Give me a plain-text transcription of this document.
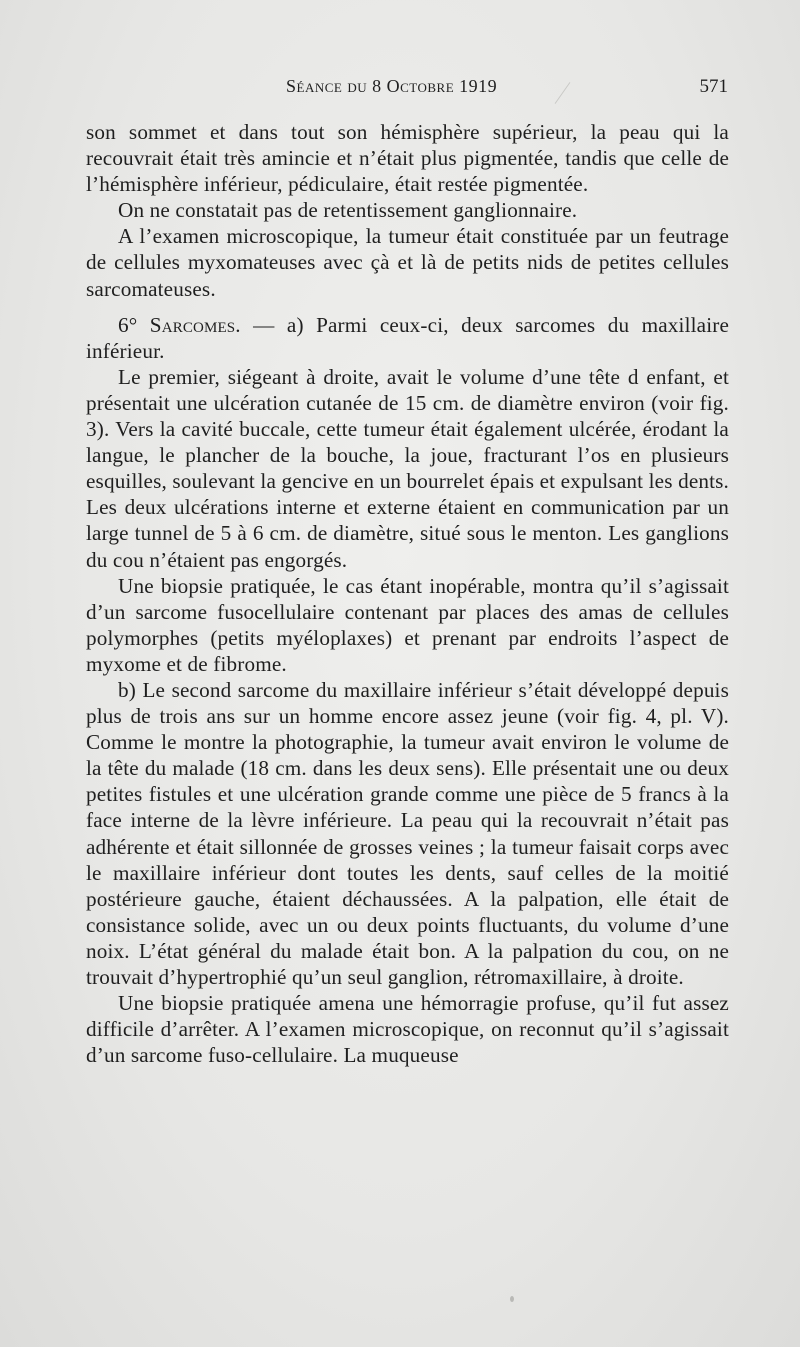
Séance du 8 Octobre 1919	571

son sommet et dans tout son hémisphère supérieur, la peau qui la recouvrait était très amincie et n’était plus pigmentée, tandis que celle de l’hémisphère inférieur, pédiculaire, était restée pigmentée.

On ne constatait pas de retentissement ganglionnaire.

A l’examen microscopique, la tumeur était constituée par un feutrage de cellules myxomateuses avec çà et là de petits nids de petites cellules sarcomateuses.

6° Sarcomes. — a) Parmi ceux-ci, deux sarcomes du maxillaire inférieur.

Le premier, siégeant à droite, avait le volume d’une tête d enfant, et présentait une ulcération cutanée de 15 cm. de diamètre environ (voir fig. 3). Vers la cavité buccale, cette tumeur était également ulcérée, érodant la langue, le plancher de la bouche, la joue, fracturant l’os en plusieurs esquilles, soulevant la gencive en un bourrelet épais et expulsant les dents. Les deux ulcérations interne et externe étaient en communication par un large tunnel de 5 à 6 cm. de diamètre, situé sous le menton. Les ganglions du cou n’étaient pas engorgés.

Une biopsie pratiquée, le cas étant inopérable, montra qu’il s’agissait d’un sarcome fusocellulaire contenant par places des amas de cellules polymorphes (petits myéloplaxes) et prenant par endroits l’aspect de myxome et de fibrome.

b) Le second sarcome du maxillaire inférieur s’était développé depuis plus de trois ans sur un homme encore assez jeune (voir fig. 4, pl. V). Comme le montre la photographie, la tumeur avait environ le volume de la tête du malade (18 cm. dans les deux sens). Elle présentait une ou deux petites fistules et une ulcération grande comme une pièce de 5 francs à la face interne de la lèvre inférieure. La peau qui la recouvrait n’était pas adhérente et était sillonnée de grosses veines ; la tumeur faisait corps avec le maxillaire inférieur dont toutes les dents, sauf celles de la moitié postérieure gauche, étaient déchaussées. A la palpation, elle était de consistance solide, avec un ou deux points fluctuants, du volume d’une noix. L’état général du malade était bon. A la palpation du cou, on ne trouvait d’hypertrophié qu’un seul ganglion, rétromaxillaire, à droite.

Une biopsie pratiquée amena une hémorragie profuse, qu’il fut assez difficile d’arrêter. A l’examen microscopique, on reconnut qu’il s’agissait d’un sarcome fuso-cellulaire. La muqueuse
